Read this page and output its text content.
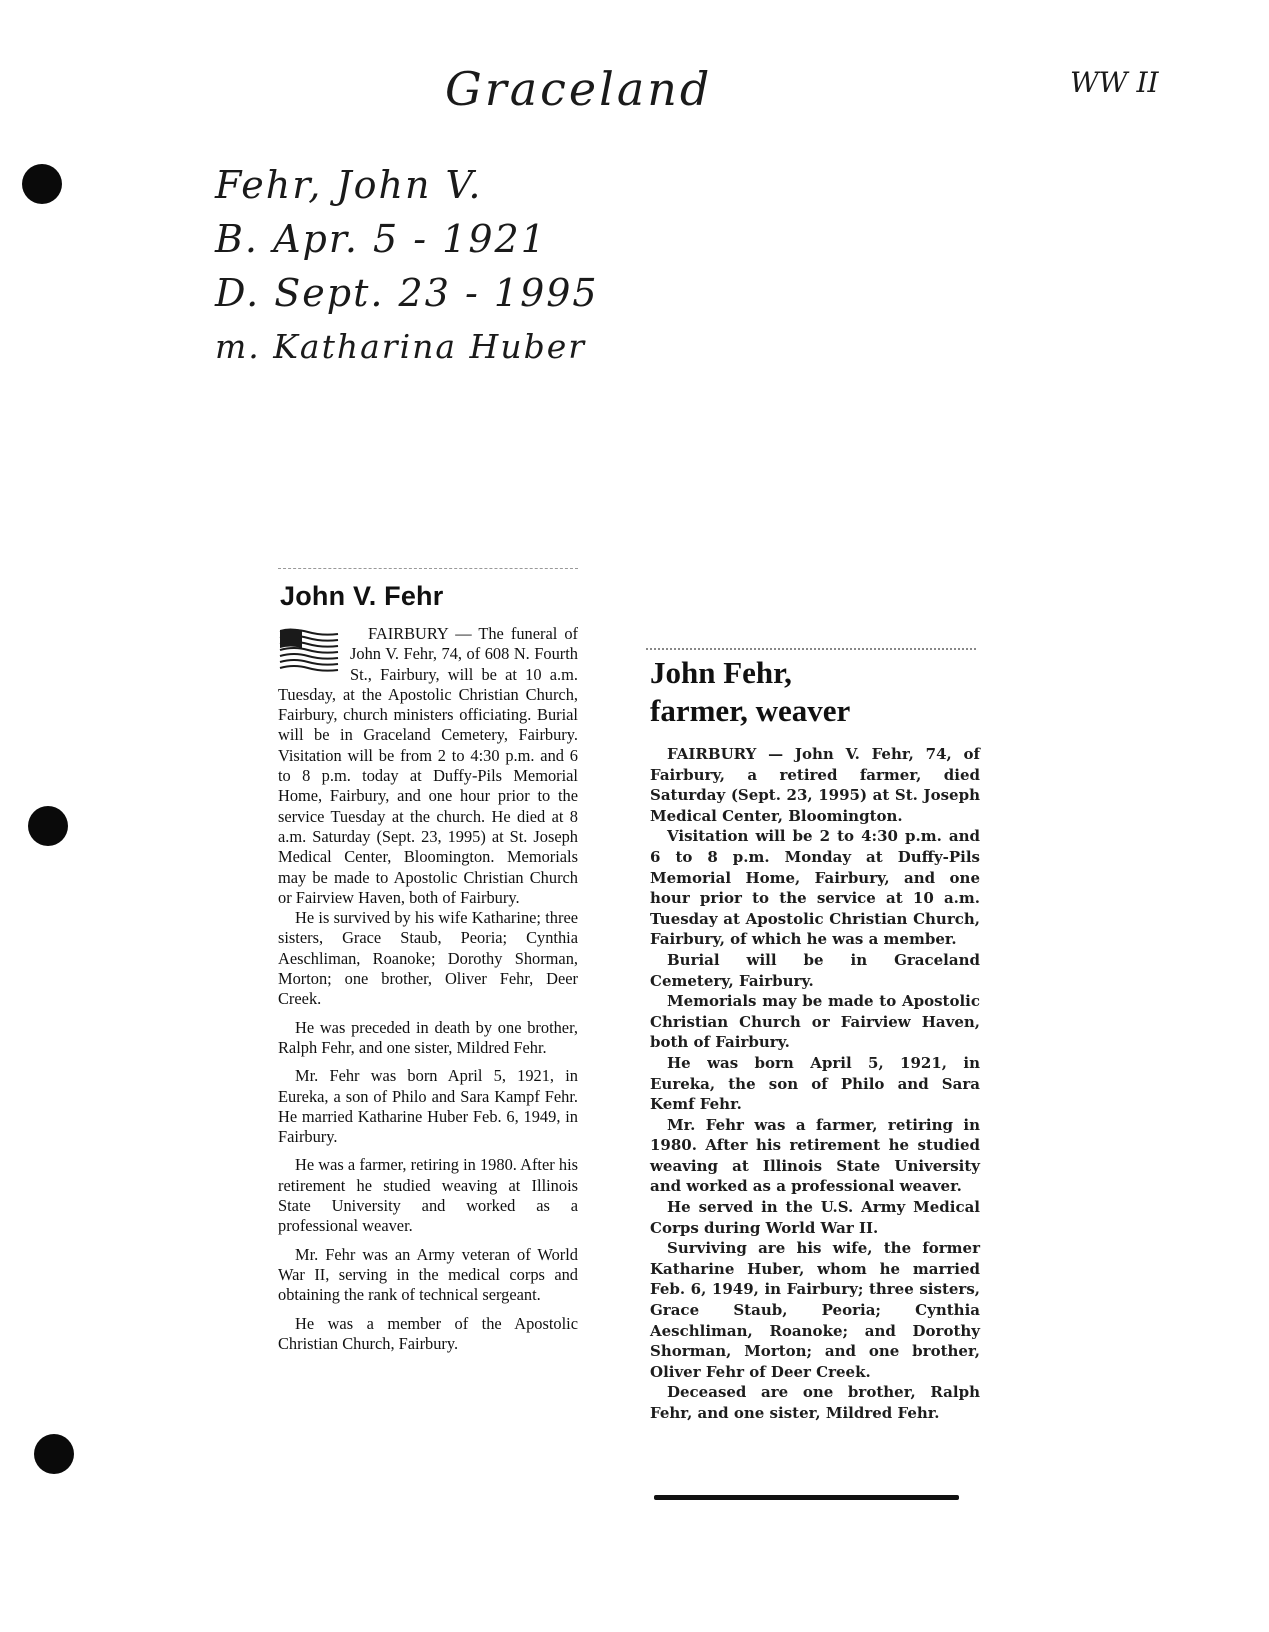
Graceland	WW II
Fehr, John V.
B. Apr. 5 - 1921
D. Sept. 23 - 1995
m. Katharina Huber
John V. Fehr

FAIRBURY — The funeral of John V. Fehr, 74, of 608 N. Fourth St., Fairbury, will be at 10 a.m. Tuesday, at the Apostolic Christian Church, Fairbury, church ministers officiating. Burial will be in Graceland Cemetery, Fairbury. Visitation will be from 2 to 4:30 p.m. and 6 to 8 p.m. today at Duffy-Pils Memorial Home, Fairbury, and one hour prior to the service Tuesday at the church. He died at 8 a.m. Saturday (Sept. 23, 1995) at St. Joseph Medical Center, Bloomington. Memorials may be made to Apostolic Christian Church or Fairview Haven, both of Fairbury.

He is survived by his wife Katharine; three sisters, Grace Staub, Peoria; Cynthia Aeschliman, Roanoke; Dorothy Shorman, Morton; one brother, Oliver Fehr, Deer Creek.

He was preceded in death by one brother, Ralph Fehr, and one sister, Mildred Fehr.

Mr. Fehr was born April 5, 1921, in Eureka, a son of Philo and Sara Kampf Fehr. He married Katharine Huber Feb. 6, 1949, in Fairbury.

He was a farmer, retiring in 1980. After his retirement he studied weaving at Illinois State University and worked as a professional weaver.

Mr. Fehr was an Army veteran of World War II, serving in the medical corps and obtaining the rank of technical sergeant.

He was a member of the Apostolic Christian Church, Fairbury.

John Fehr,
farmer, weaver

FAIRBURY — John V. Fehr, 74, of Fairbury, a retired farmer, died Saturday (Sept. 23, 1995) at St. Joseph Medical Center, Bloomington.

Visitation will be 2 to 4:30 p.m. and 6 to 8 p.m. Monday at Duffy-Pils Memorial Home, Fairbury, and one hour prior to the service at 10 a.m. Tuesday at Apostolic Christian Church, Fairbury, of which he was a member.

Burial will be in Graceland Cemetery, Fairbury.

Memorials may be made to Apostolic Christian Church or Fairview Haven, both of Fairbury.

He was born April 5, 1921, in Eureka, the son of Philo and Sara Kemf Fehr.

Mr. Fehr was a farmer, retiring in 1980. After his retirement he studied weaving at Illinois State University and worked as a professional weaver.

He served in the U.S. Army Medical Corps during World War II.

Surviving are his wife, the former Katharine Huber, whom he married Feb. 6, 1949, in Fairbury; three sisters, Grace Staub, Peoria; Cynthia Aeschliman, Roanoke; and Dorothy Shorman, Morton; and one brother, Oliver Fehr of Deer Creek.

Deceased are one brother, Ralph Fehr, and one sister, Mildred Fehr.
